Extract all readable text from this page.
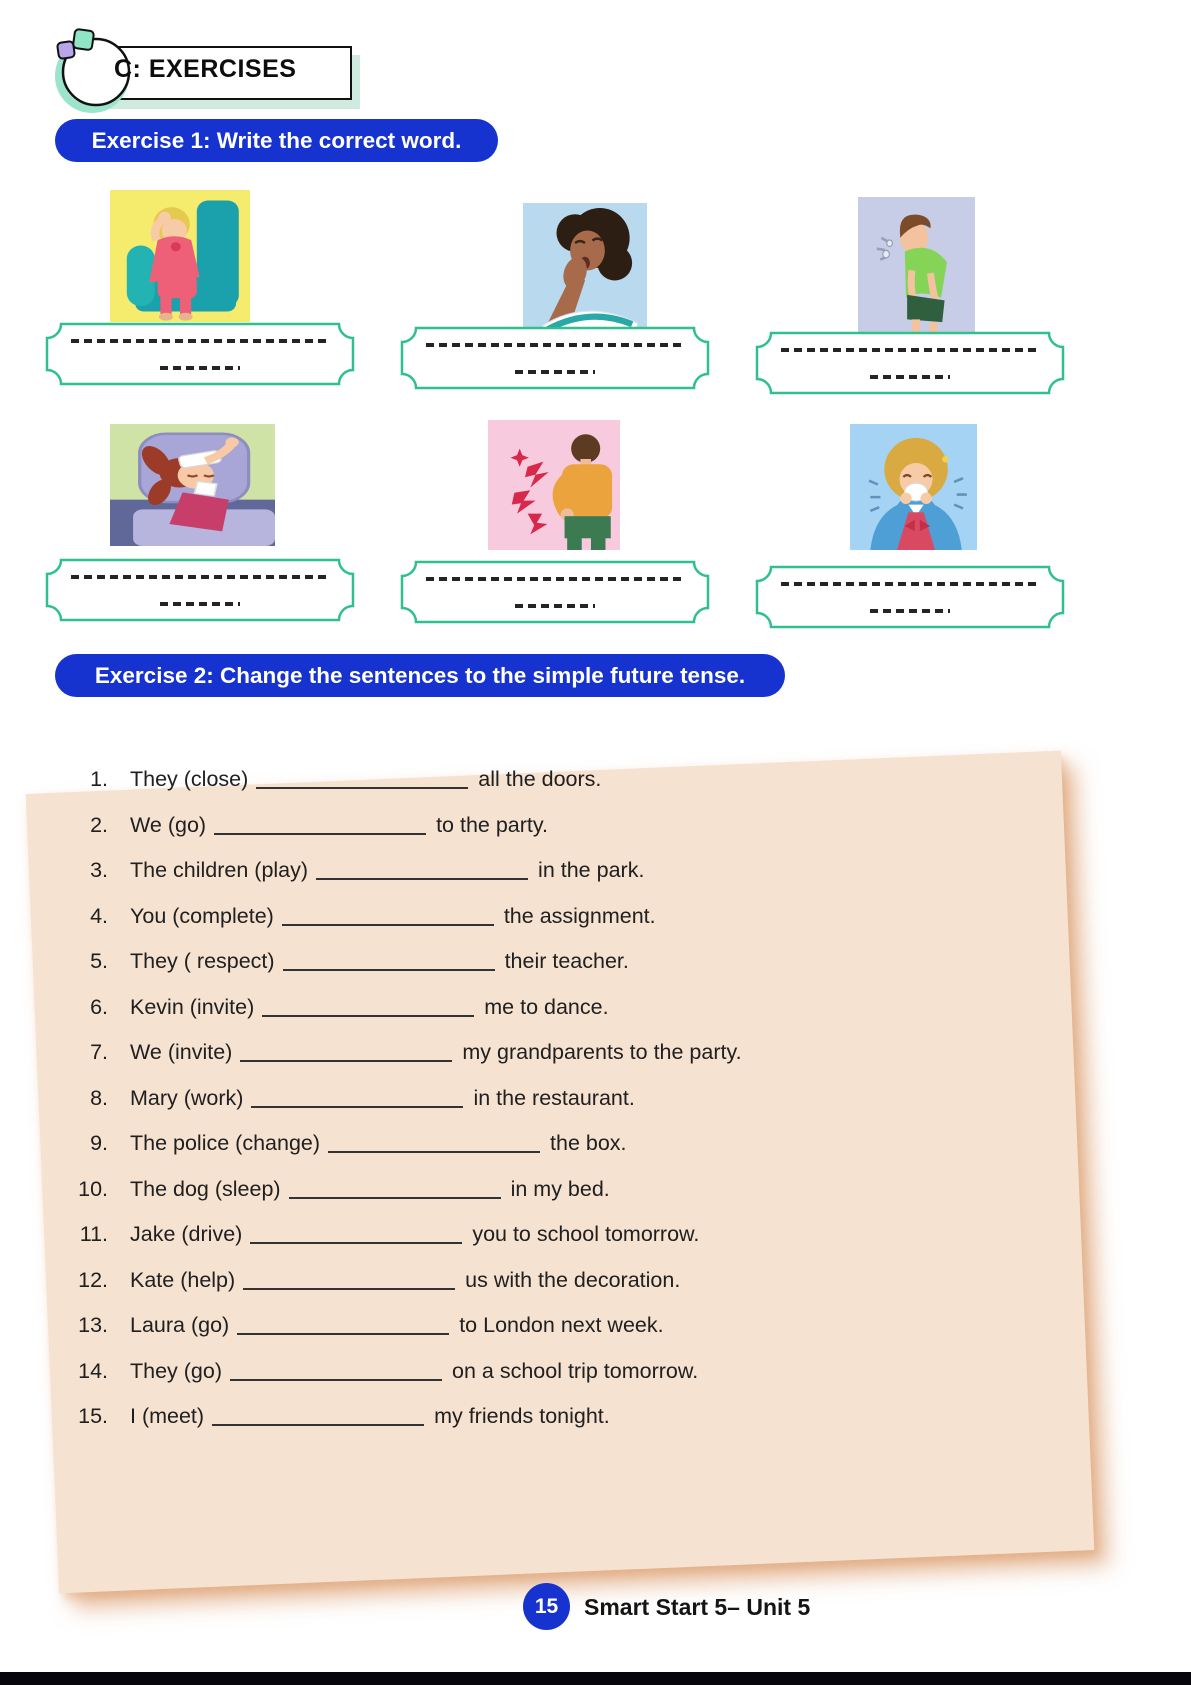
C: EXERCISES
Exercise 1: Write the correct word.
Exercise 2: Change the sentences to the simple future tense.
1. They (close)	all the doors.
2. We (go)	to the party.
3. The children (play)	in the park.
4. You (complete)	the assignment.
5. They ( respect)	their teacher.
6. Kevin (invite)	me to dance.
7. We (invite)	my grandparents to the party.
8. Mary (work)	in the restaurant.
9. The police (change)	the box.
10. The dog (sleep)	in my bed.
11. Jake (drive)	you to school tomorrow.
12. Kate (help)	us with the decoration.
13. Laura (go)	to London next week.
14. They (go)	on a school trip tomorrow.
15. I (meet)	my friends tonight.
15	Smart Start 5– Unit 5
